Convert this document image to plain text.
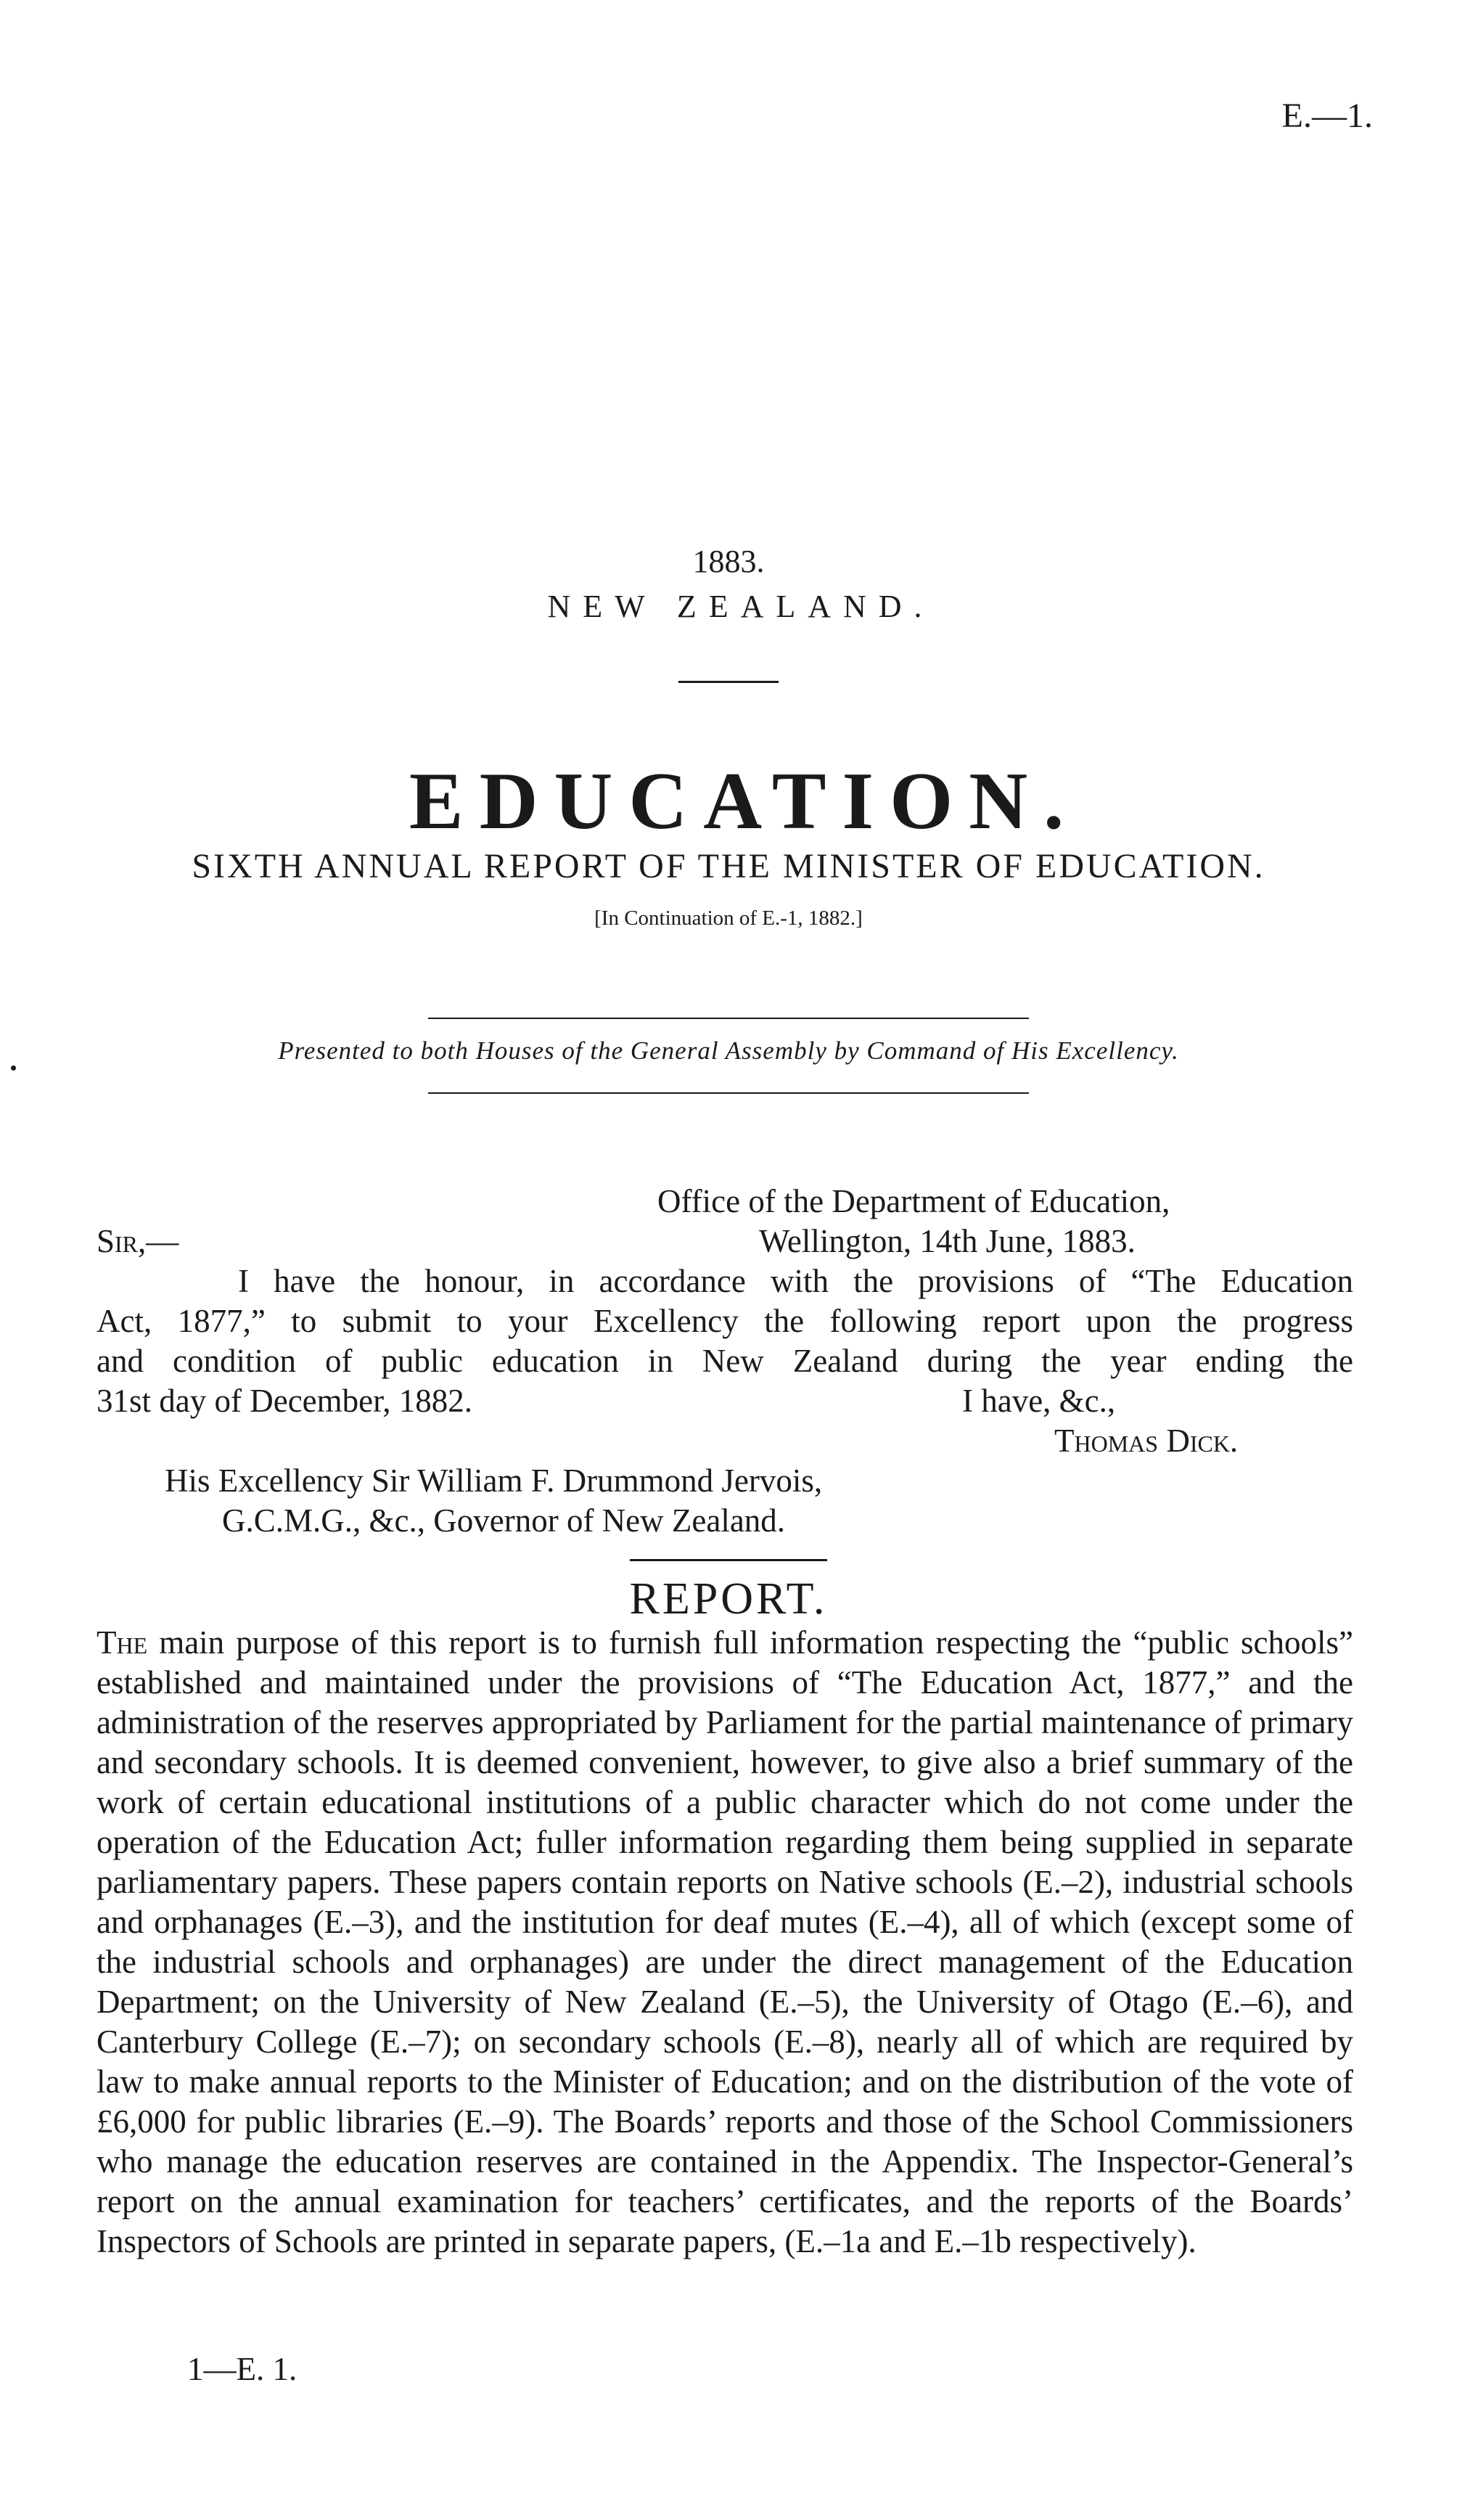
E.—1.
1883.
NEW ZEALAND.
EDUCATION.
SIXTH ANNUAL REPORT OF THE MINISTER OF EDUCATION.
[In Continuation of E.-1, 1882.]
Presented to both Houses of the General Assembly by Command of His Excellency.
Office of the Department of Education,
Sir,—	Wellington, 14th June, 1883.
I have the honour, in accordance with the provisions of “The Education
Act, 1877,” to submit to your Excellency the following report upon the progress
and condition of public education in New Zealand during the year ending the
31st day of December, 1882.	I have, &c.,
Thomas Dick.
His Excellency Sir William F. Drummond Jervois,
G.C.M.G., &c., Governor of New Zealand.
REPORT.
The main purpose of this report is to furnish full information respecting the “public schools” established and maintained under the provisions of “The Education Act, 1877,” and the administration of the reserves appropriated by Parliament for the partial maintenance of primary and secondary schools. It is deemed convenient, however, to give also a brief summary of the work of certain educational institutions of a public character which do not come under the operation of the Education Act; fuller information regarding them being supplied in separate parliamentary papers. These papers contain reports on Native schools (E.–2), industrial schools and orphanages (E.–3), and the institution for deaf mutes (E.–4), all of which (except some of the industrial schools and orphanages) are under the direct management of the Education Department; on the University of New Zealand (E.–5), the University of Otago (E.–6), and Canterbury College (E.–7); on secondary schools (E.–8), nearly all of which are required by law to make annual reports to the Minister of Education; and on the distribution of the vote of £6,000 for public libraries (E.–9). The Boards’ reports and those of the School Commissioners who manage the education reserves are contained in the Appendix. The Inspector-General’s report on the annual examination for teachers’ certificates, and the reports of the Boards’ Inspectors of Schools are printed in separate papers, (E.–1a and E.–1b respectively).
1—E. 1.
